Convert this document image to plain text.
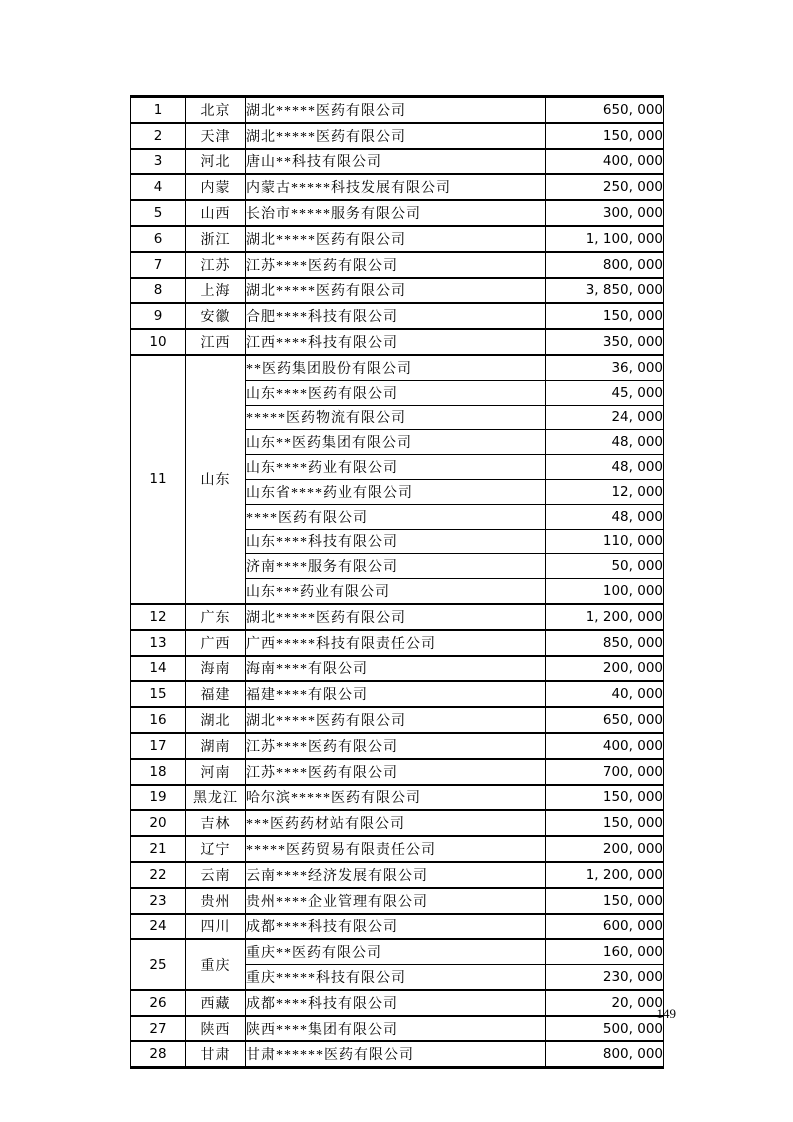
1	北京	湖北*****医药有限公司	650, 000
2	天津	湖北*****医药有限公司	150, 000
3	河北	唐山**科技有限公司	400, 000
4	内蒙	内蒙古*****科技发展有限公司	250, 000
5	山西	长治市*****服务有限公司	300, 000
6	浙江	湖北*****医药有限公司	1, 100, 000
7	江苏	江苏****医药有限公司	800, 000
8	上海	湖北*****医药有限公司	3, 850, 000
9	安徽	合肥****科技有限公司	150, 000
10	江西	江西****科技有限公司	350, 000
11	山东	**医药集团股份有限公司	36, 000
		山东****医药有限公司	45, 000
		*****医药物流有限公司	24, 000
		山东**医药集团有限公司	48, 000
		山东****药业有限公司	48, 000
		山东省****药业有限公司	12, 000
		****医药有限公司	48, 000
		山东****科技有限公司	110, 000
		济南****服务有限公司	50, 000
		山东***药业有限公司	100, 000
12	广东	湖北*****医药有限公司	1, 200, 000
13	广西	广西*****科技有限责任公司	850, 000
14	海南	海南****有限公司	200, 000
15	福建	福建****有限公司	40, 000
16	湖北	湖北*****医药有限公司	650, 000
17	湖南	江苏****医药有限公司	400, 000
18	河南	江苏****医药有限公司	700, 000
19	黑龙江	哈尔滨*****医药有限公司	150, 000
20	吉林	***医药药材站有限公司	150, 000
21	辽宁	*****医药贸易有限责任公司	200, 000
22	云南	云南****经济发展有限公司	1, 200, 000
23	贵州	贵州****企业管理有限公司	150, 000
24	四川	成都****科技有限公司	600, 000
25	重庆	重庆**医药有限公司	160, 000
		重庆*****科技有限公司	230, 000
26	西藏	成都****科技有限公司	20, 000
27	陕西	陕西****集团有限公司	500, 000
28	甘肃	甘肃******医药有限公司	800, 000
149
